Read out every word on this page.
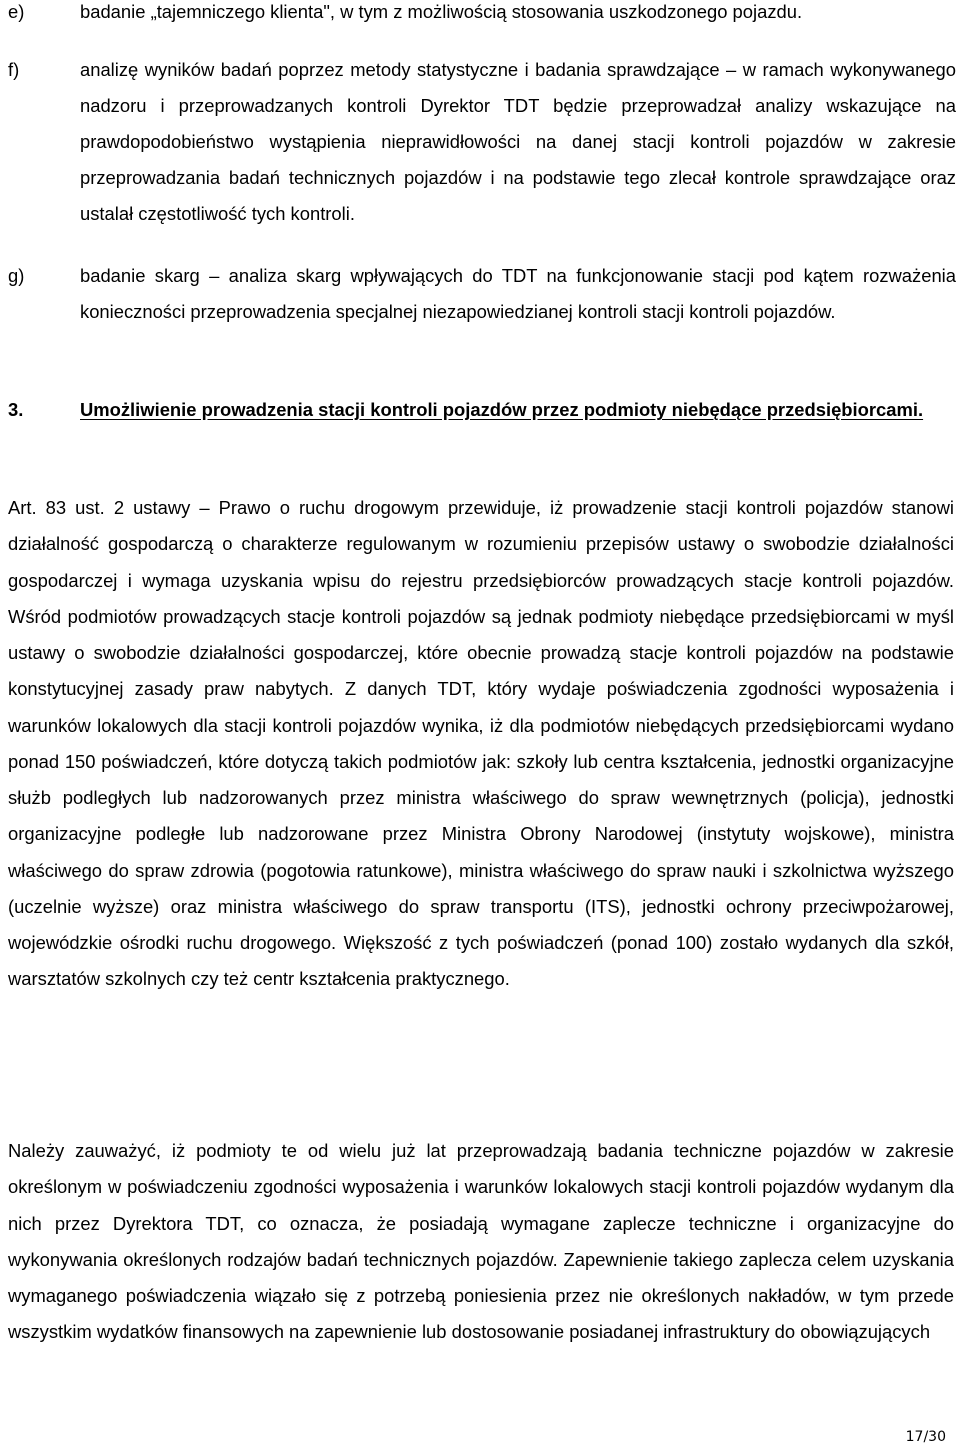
e)	badanie „tajemniczego klienta", w tym z możliwością stosowania uszkodzonego pojazdu.
f)	analizę wyników badań poprzez metody statystyczne i badania sprawdzające – w ramach wykonywanego nadzoru i przeprowadzanych kontroli Dyrektor TDT będzie przeprowadzał analizy wskazujące na prawdopodobieństwo wystąpienia nieprawidłowości na danej stacji kontroli pojazdów w zakresie przeprowadzania badań technicznych pojazdów i na podstawie tego zlecał kontrole sprawdzające oraz ustalał częstotliwość tych kontroli.
g)	badanie skarg – analiza skarg wpływających do TDT na funkcjonowanie stacji pod kątem rozważenia konieczności przeprowadzenia specjalnej niezapowiedzianej kontroli stacji kontroli pojazdów.
3.	Umożliwienie prowadzenia stacji kontroli pojazdów przez podmioty niebędące przedsiębiorcami.

Art. 83 ust. 2 ustawy – Prawo o ruchu drogowym przewiduje, iż prowadzenie stacji kontroli pojazdów stanowi działalność gospodarczą o charakterze regulowanym w rozumieniu przepisów ustawy o swobodzie działalności gospodarczej i wymaga uzyskania wpisu do rejestru przedsiębiorców prowadzących stacje kontroli pojazdów. Wśród podmiotów prowadzących stacje kontroli pojazdów są jednak podmioty niebędące przedsiębiorcami w myśl ustawy o swobodzie działalności gospodarczej, które obecnie prowadzą stacje kontroli pojazdów na podstawie konstytucyjnej zasady praw nabytych. Z danych TDT, który wydaje poświadczenia zgodności wyposażenia i warunków lokalowych dla stacji kontroli pojazdów wynika, iż dla podmiotów niebędących przedsiębiorcami wydano ponad 150 poświadczeń, które dotyczą takich podmiotów jak: szkoły lub centra kształcenia, jednostki organizacyjne służb podległych lub nadzorowanych przez ministra właściwego do spraw wewnętrznych (policja), jednostki organizacyjne podległe lub nadzorowane przez Ministra Obrony Narodowej (instytuty wojskowe), ministra właściwego do spraw zdrowia (pogotowia ratunkowe), ministra właściwego do spraw nauki i szkolnictwa wyższego (uczelnie wyższe) oraz ministra właściwego do spraw transportu (ITS), jednostki ochrony przeciwpożarowej, wojewódzkie ośrodki ruchu drogowego. Większość z tych poświadczeń (ponad 100) zostało wydanych dla szkół, warsztatów szkolnych czy też centr kształcenia praktycznego.

Należy zauważyć, iż podmioty te od wielu już lat przeprowadzają badania techniczne pojazdów w zakresie określonym w poświadczeniu zgodności wyposażenia i warunków lokalowych stacji kontroli pojazdów wydanym dla nich przez Dyrektora TDT, co oznacza, że posiadają wymagane zaplecze techniczne i organizacyjne do wykonywania określonych rodzajów badań technicznych pojazdów. Zapewnienie takiego zaplecza celem uzyskania wymaganego poświadczenia wiązało się z potrzebą poniesienia przez nie określonych nakładów, w tym przede wszystkim wydatków finansowych na zapewnienie lub dostosowanie posiadanej infrastruktury do obowiązujących

17/30
